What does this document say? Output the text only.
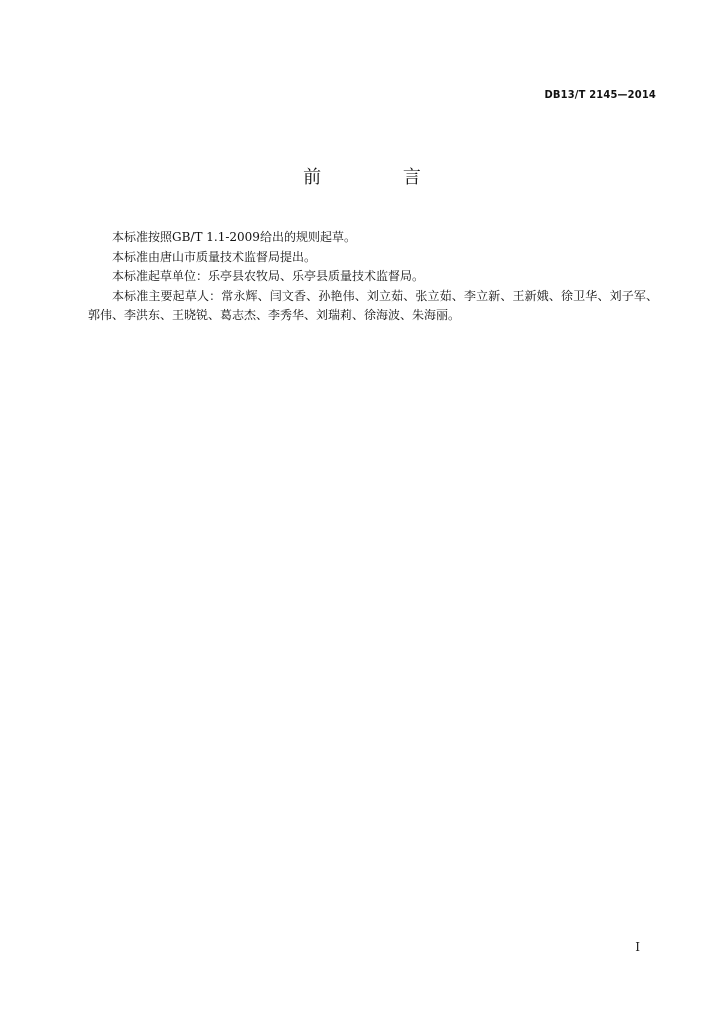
DB13/T 2145—2014
前 言

本标准按照GB/T 1.1-2009给出的规则起草。

本标准由唐山市质量技术监督局提出。

本标准起草单位：乐亭县农牧局、乐亭县质量技术监督局。

本标准主要起草人：常永辉、闫文香、孙艳伟、刘立茹、张立茹、李立新、王新娥、徐卫华、刘子军、郭伟、李洪东、王晓锐、葛志杰、李秀华、刘瑞莉、徐海波、朱海丽。

I
